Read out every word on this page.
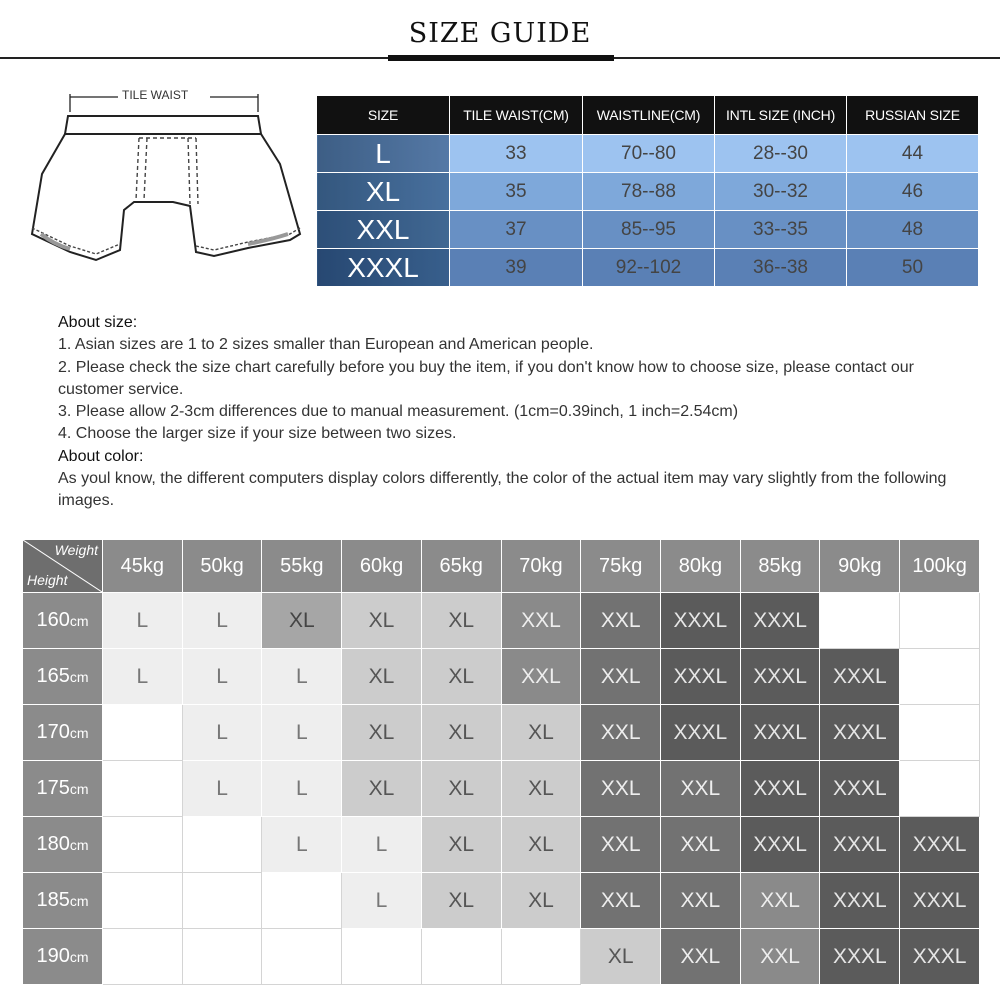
SIZE GUIDE
TILE WAIST
SIZE	TILE WAIST(CM)	WAISTLINE(CM)	INTL SIZE (INCH)	RUSSIAN SIZE
L	33	70--80	28--30	44
XL	35	78--88	30--32	46
XXL	37	85--95	33--35	48
XXXL	39	92--102	36--38	50

About size:

1. Asian sizes are 1 to 2 sizes smaller than European and American people.

2. Please check the size chart carefully before you buy the item, if you don't know how to choose size, please contact our customer service.

3. Please allow 2-3cm differences due to manual measurement. (1cm=0.39inch, 1 inch=2.54cm)

4. Choose the larger size if your size between two sizes.

About color:

As youl know, the different computers display colors differently, the color of the actual item may vary slightly from the following images.

Weight
Height	45kg	50kg	55kg	60kg	65kg	70kg	75kg	80kg	85kg	90kg	100kg
160cm	L	L	XL	XL	XL	XXL	XXL	XXXL	XXXL		
165cm	L	L	L	XL	XL	XXL	XXL	XXXL	XXXL	XXXL	
170cm		L	L	XL	XL	XL	XXL	XXXL	XXXL	XXXL	
175cm		L	L	XL	XL	XL	XXL	XXL	XXXL	XXXL	
180cm			L	L	XL	XL	XXL	XXL	XXXL	XXXL	XXXL
185cm				L	XL	XL	XXL	XXL	XXL	XXXL	XXXL
190cm							XL	XXL	XXL	XXXL	XXXL
